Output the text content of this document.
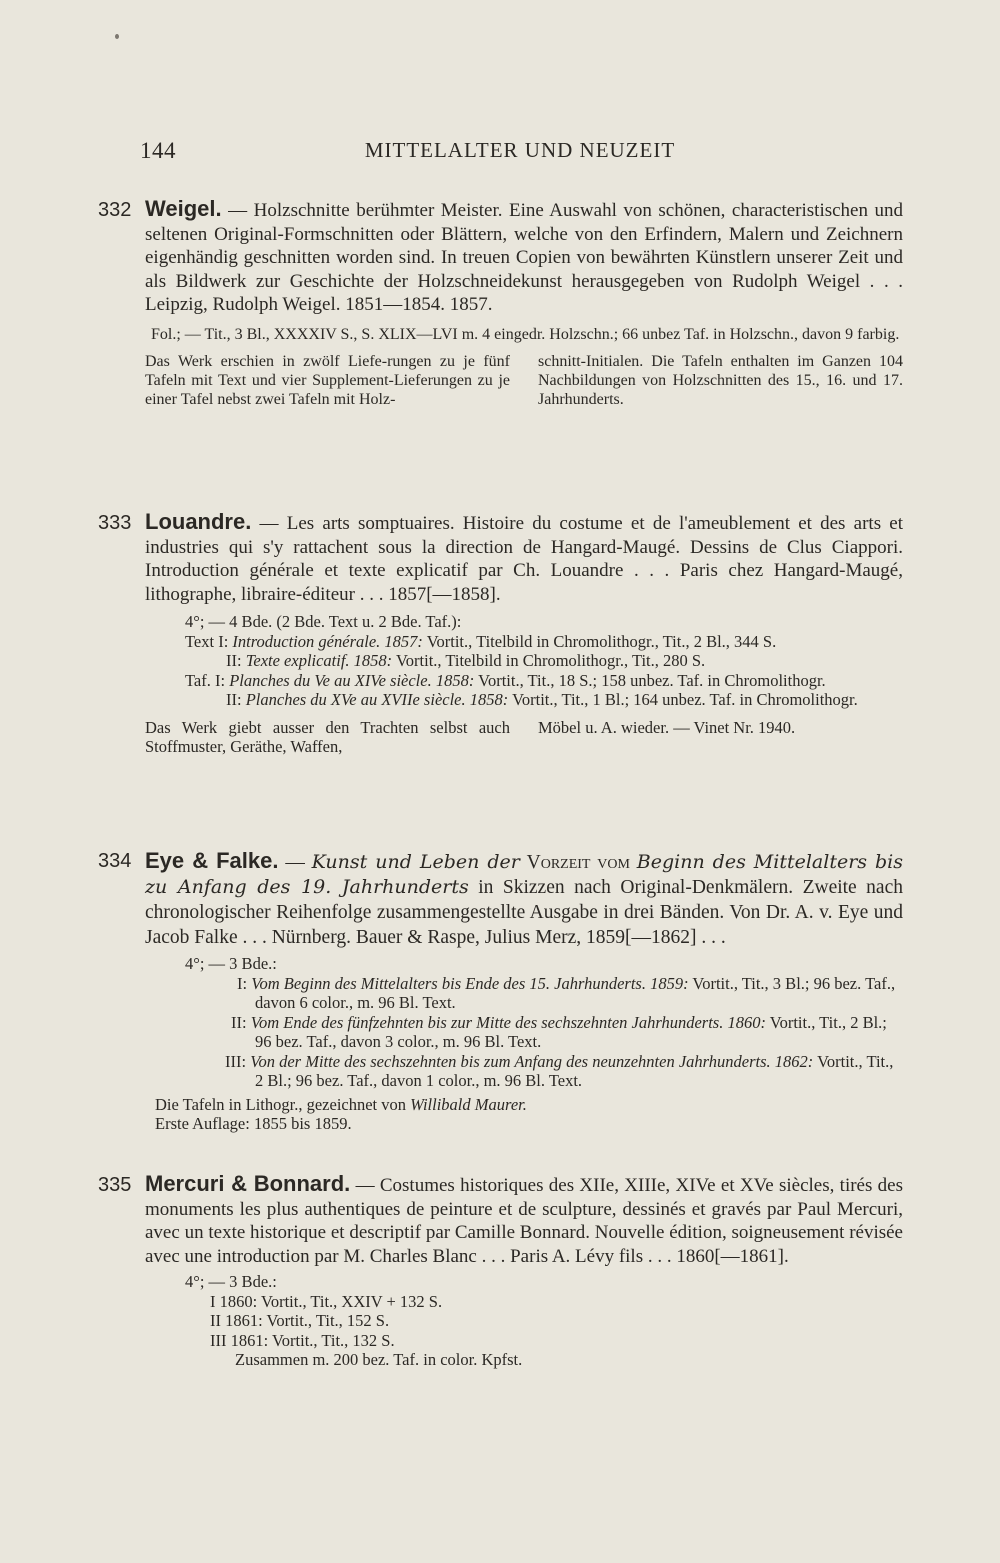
144	MITTELALTER UND NEUZEIT
332 Weigel. — Holzschnitte berühmter Meister. Eine Auswahl von schönen, characteristischen und seltenen Original-Formschnitten oder Blättern, welche von den Erfindern, Malern und Zeichnern eigenhändig geschnitten worden sind. In treuen Copien von bewährten Künstlern unserer Zeit und als Bildwerk zur Geschichte der Holzschneidekunst herausgegeben von Rudolph Weigel . . . Leipzig, Rudolph Weigel. 1851—1854. 1857.

Fol.; — Tit., 3 Bl., XXXXIV S., S. XLIX—LVI m. 4 eingedr. Holzschn.; 66 unbez Taf. in Holzschn., davon 9 farbig.
Das Werk erschien in zwölf Liefe-rungen zu je fünf Tafeln mit Text und vier Supplement-Lieferungen zu je einer Tafel nebst zwei Tafeln mit Holz-
schnitt-Initialen. Die Tafeln enthalten im Ganzen 104 Nachbildungen von Holzschnitten des 15., 16. und 17. Jahrhunderts.
333 Louandre. — Les arts somptuaires. Histoire du costume et de l'ameublement et des arts et industries qui s'y rattachent sous la direction de Hangard-Maugé. Dessins de Clus Ciappori. Introduction générale et texte explicatif par Ch. Louandre . . . Paris chez Hangard-Maugé, lithographe, libraire-éditeur . . . 1857[—1858].

4°; — 4 Bde. (2 Bde. Text u. 2 Bde. Taf.):
Text I: Introduction générale. 1857: Vortit., Titelbild in Chromolithogr., Tit., 2 Bl., 344 S.
II: Texte explicatif. 1858: Vortit., Titelbild in Chromolithogr., Tit., 280 S.
Taf. I: Planches du Ve au XIVe siècle. 1858: Vortit., Tit., 18 S.; 158 unbez. Taf. in Chromolithogr.
II: Planches du XVe au XVIIe siècle. 1858: Vortit., Tit., 1 Bl.; 164 unbez. Taf. in Chromolithogr.
Das Werk giebt ausser den Trachten selbst auch Stoffmuster, Geräthe, Waffen,
Möbel u. A. wieder. — Vinet Nr. 1940.
334 Eye & Falke. — Kunst und Leben der Vorzeit vom Beginn des Mittelalters bis zu Anfang des 19. Jahrhunderts in Skizzen nach Original-Denkmälern. Zweite nach chronologischer Reihenfolge zusammengestellte Ausgabe in drei Bänden. Von Dr. A. v. Eye und Jacob Falke . . . Nürnberg. Bauer & Raspe, Julius Merz, 1859[—1862] . . .

4°; — 3 Bde.:
I: Vom Beginn des Mittelalters bis Ende des 15. Jahrhunderts. 1859: Vortit., Tit., 3 Bl.; 96 bez. Taf., davon 6 color., m. 96 Bl. Text.
II: Vom Ende des fünfzehnten bis zur Mitte des sechszehnten Jahrhunderts. 1860: Vortit., Tit., 2 Bl.; 96 bez. Taf., davon 3 color., m. 96 Bl. Text.
III: Von der Mitte des sechszehnten bis zum Anfang des neunzehnten Jahrhunderts. 1862: Vortit., Tit., 2 Bl.; 96 bez. Taf., davon 1 color., m. 96 Bl. Text.
Die Tafeln in Lithogr., gezeichnet von Willibald Maurer.
Erste Auflage: 1855 bis 1859.
335 Mercuri & Bonnard. — Costumes historiques des XIIe, XIIIe, XIVe et XVe siècles, tirés des monuments les plus authentiques de peinture et de sculpture, dessinés et gravés par Paul Mercuri, avec un texte historique et descriptif par Camille Bonnard. Nouvelle édition, soigneusement révisée avec une introduction par M. Charles Blanc . . . Paris A. Lévy fils . . . 1860[—1861].

4°; — 3 Bde.:
I 1860: Vortit., Tit., XXIV + 132 S.
II 1861: Vortit., Tit., 152 S.
III 1861: Vortit., Tit., 132 S.
Zusammen m. 200 bez. Taf. in color. Kpfst.
